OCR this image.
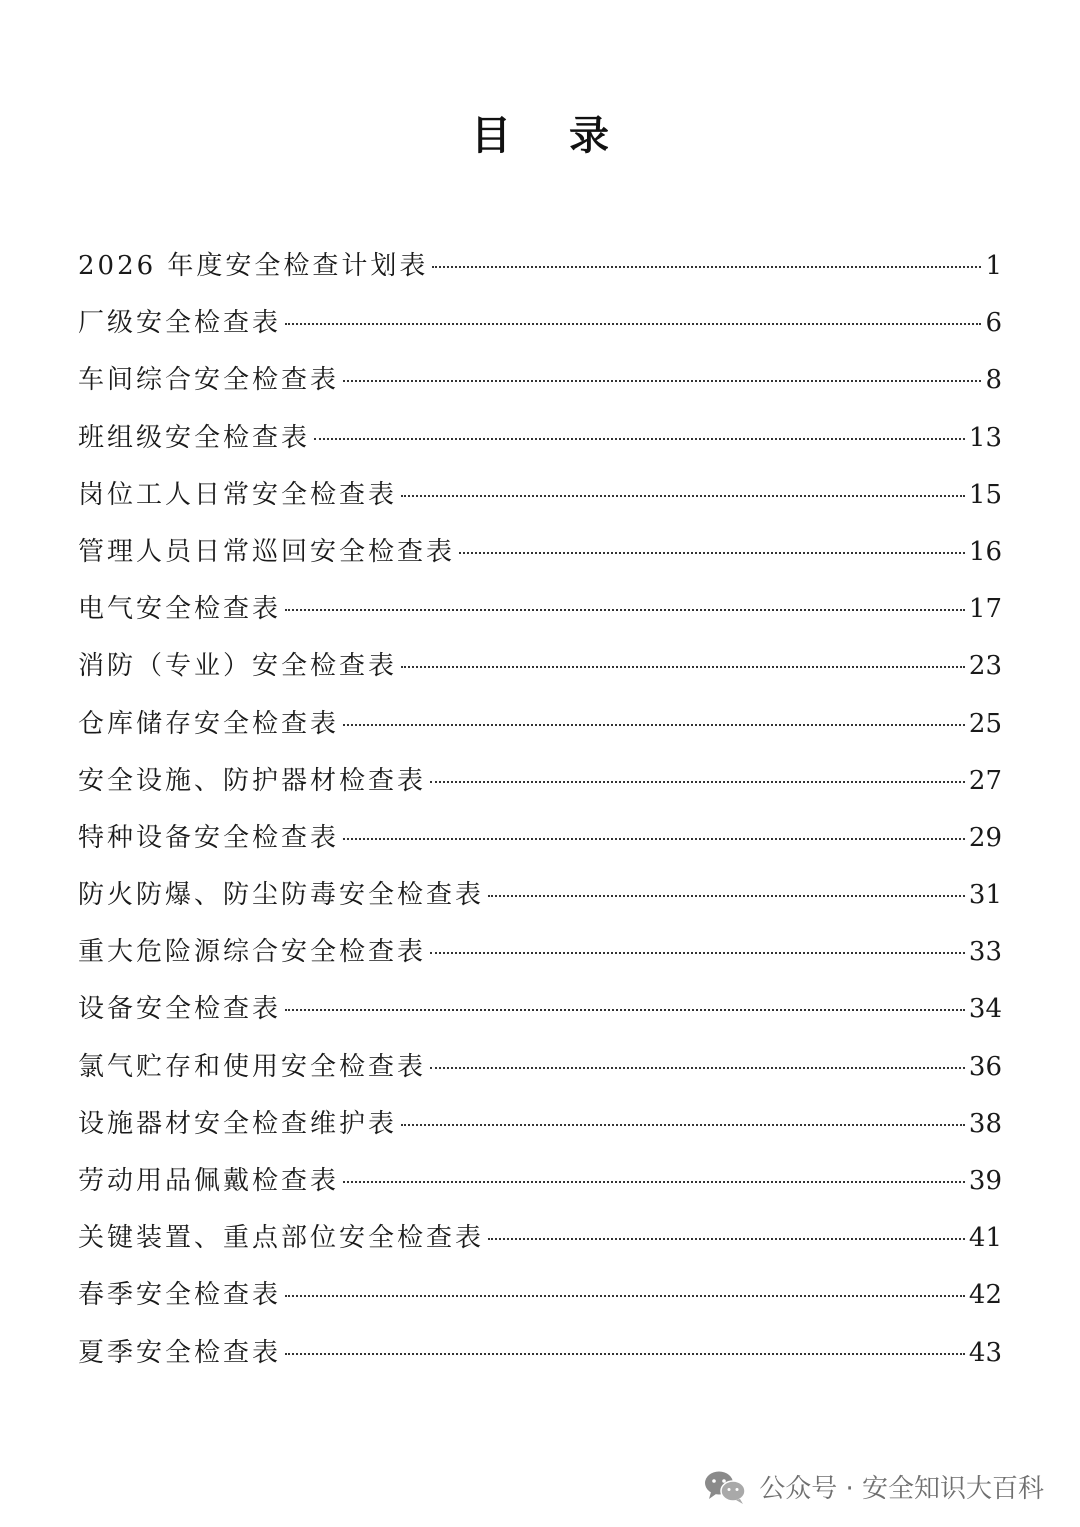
目 录
2026 年度安全检查计划表	1
厂级安全检查表	6
车间综合安全检查表	8
班组级安全检查表	13
岗位工人日常安全检查表	15
管理人员日常巡回安全检查表	16
电气安全检查表	17
消防（专业）安全检查表	23
仓库储存安全检查表	25
安全设施、防护器材检查表	27
特种设备安全检查表	29
防火防爆、防尘防毒安全检查表	31
重大危险源综合安全检查表	33
设备安全检查表	34
氯气贮存和使用安全检查表	36
设施器材安全检查维护表	38
劳动用品佩戴检查表	39
关键装置、重点部位安全检查表	41
春季安全检查表	42
夏季安全检查表	43
公众号 · 安全知识大百科
